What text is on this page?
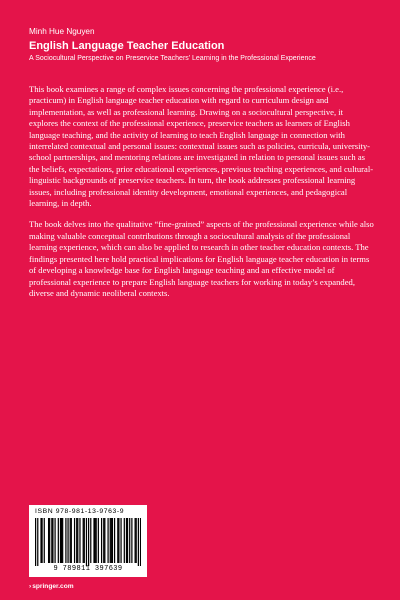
Minh Hue Nguyen
English Language Teacher Education
A Sociocultural Perspective on Preservice Teachers’ Learning in the Professional Experience

This book examines a range of complex issues concerning the professional experience (i.e., practicum) in English language teacher education with regard to curriculum design and implementation, as well as professional learning. Drawing on a sociocultural perspective, it explores the context of the professional experience, preservice teachers as learners of English language teaching, and the activity of learning to teach English language in connection with interrelated contextual and personal issues: contextual issues such as policies, curricula, university-school partnerships, and mentoring relations are investigated in relation to personal issues such as the beliefs, expectations, prior educational experiences, previous teaching experiences, and cultural-linguistic backgrounds of preservice teachers. In turn, the book addresses professional learning issues, including professional identity development, emotional experiences, and pedagogical learning, in depth.

The book delves into the qualitative “fine-grained” aspects of the professional experience while also making valuable conceptual contributions through a sociocultural analysis of the professional learning experience, which can also be applied to research in other teacher education contexts. The findings presented here hold practical implications for English language teacher education in terms of developing a knowledge base for English language teaching and an effective model of professional experience to prepare English language teachers for working in today’s expanded, diverse and dynamic neoliberal contexts.

ISBN 978-981-13-9763-9
9 789811 397639
›springer.com
